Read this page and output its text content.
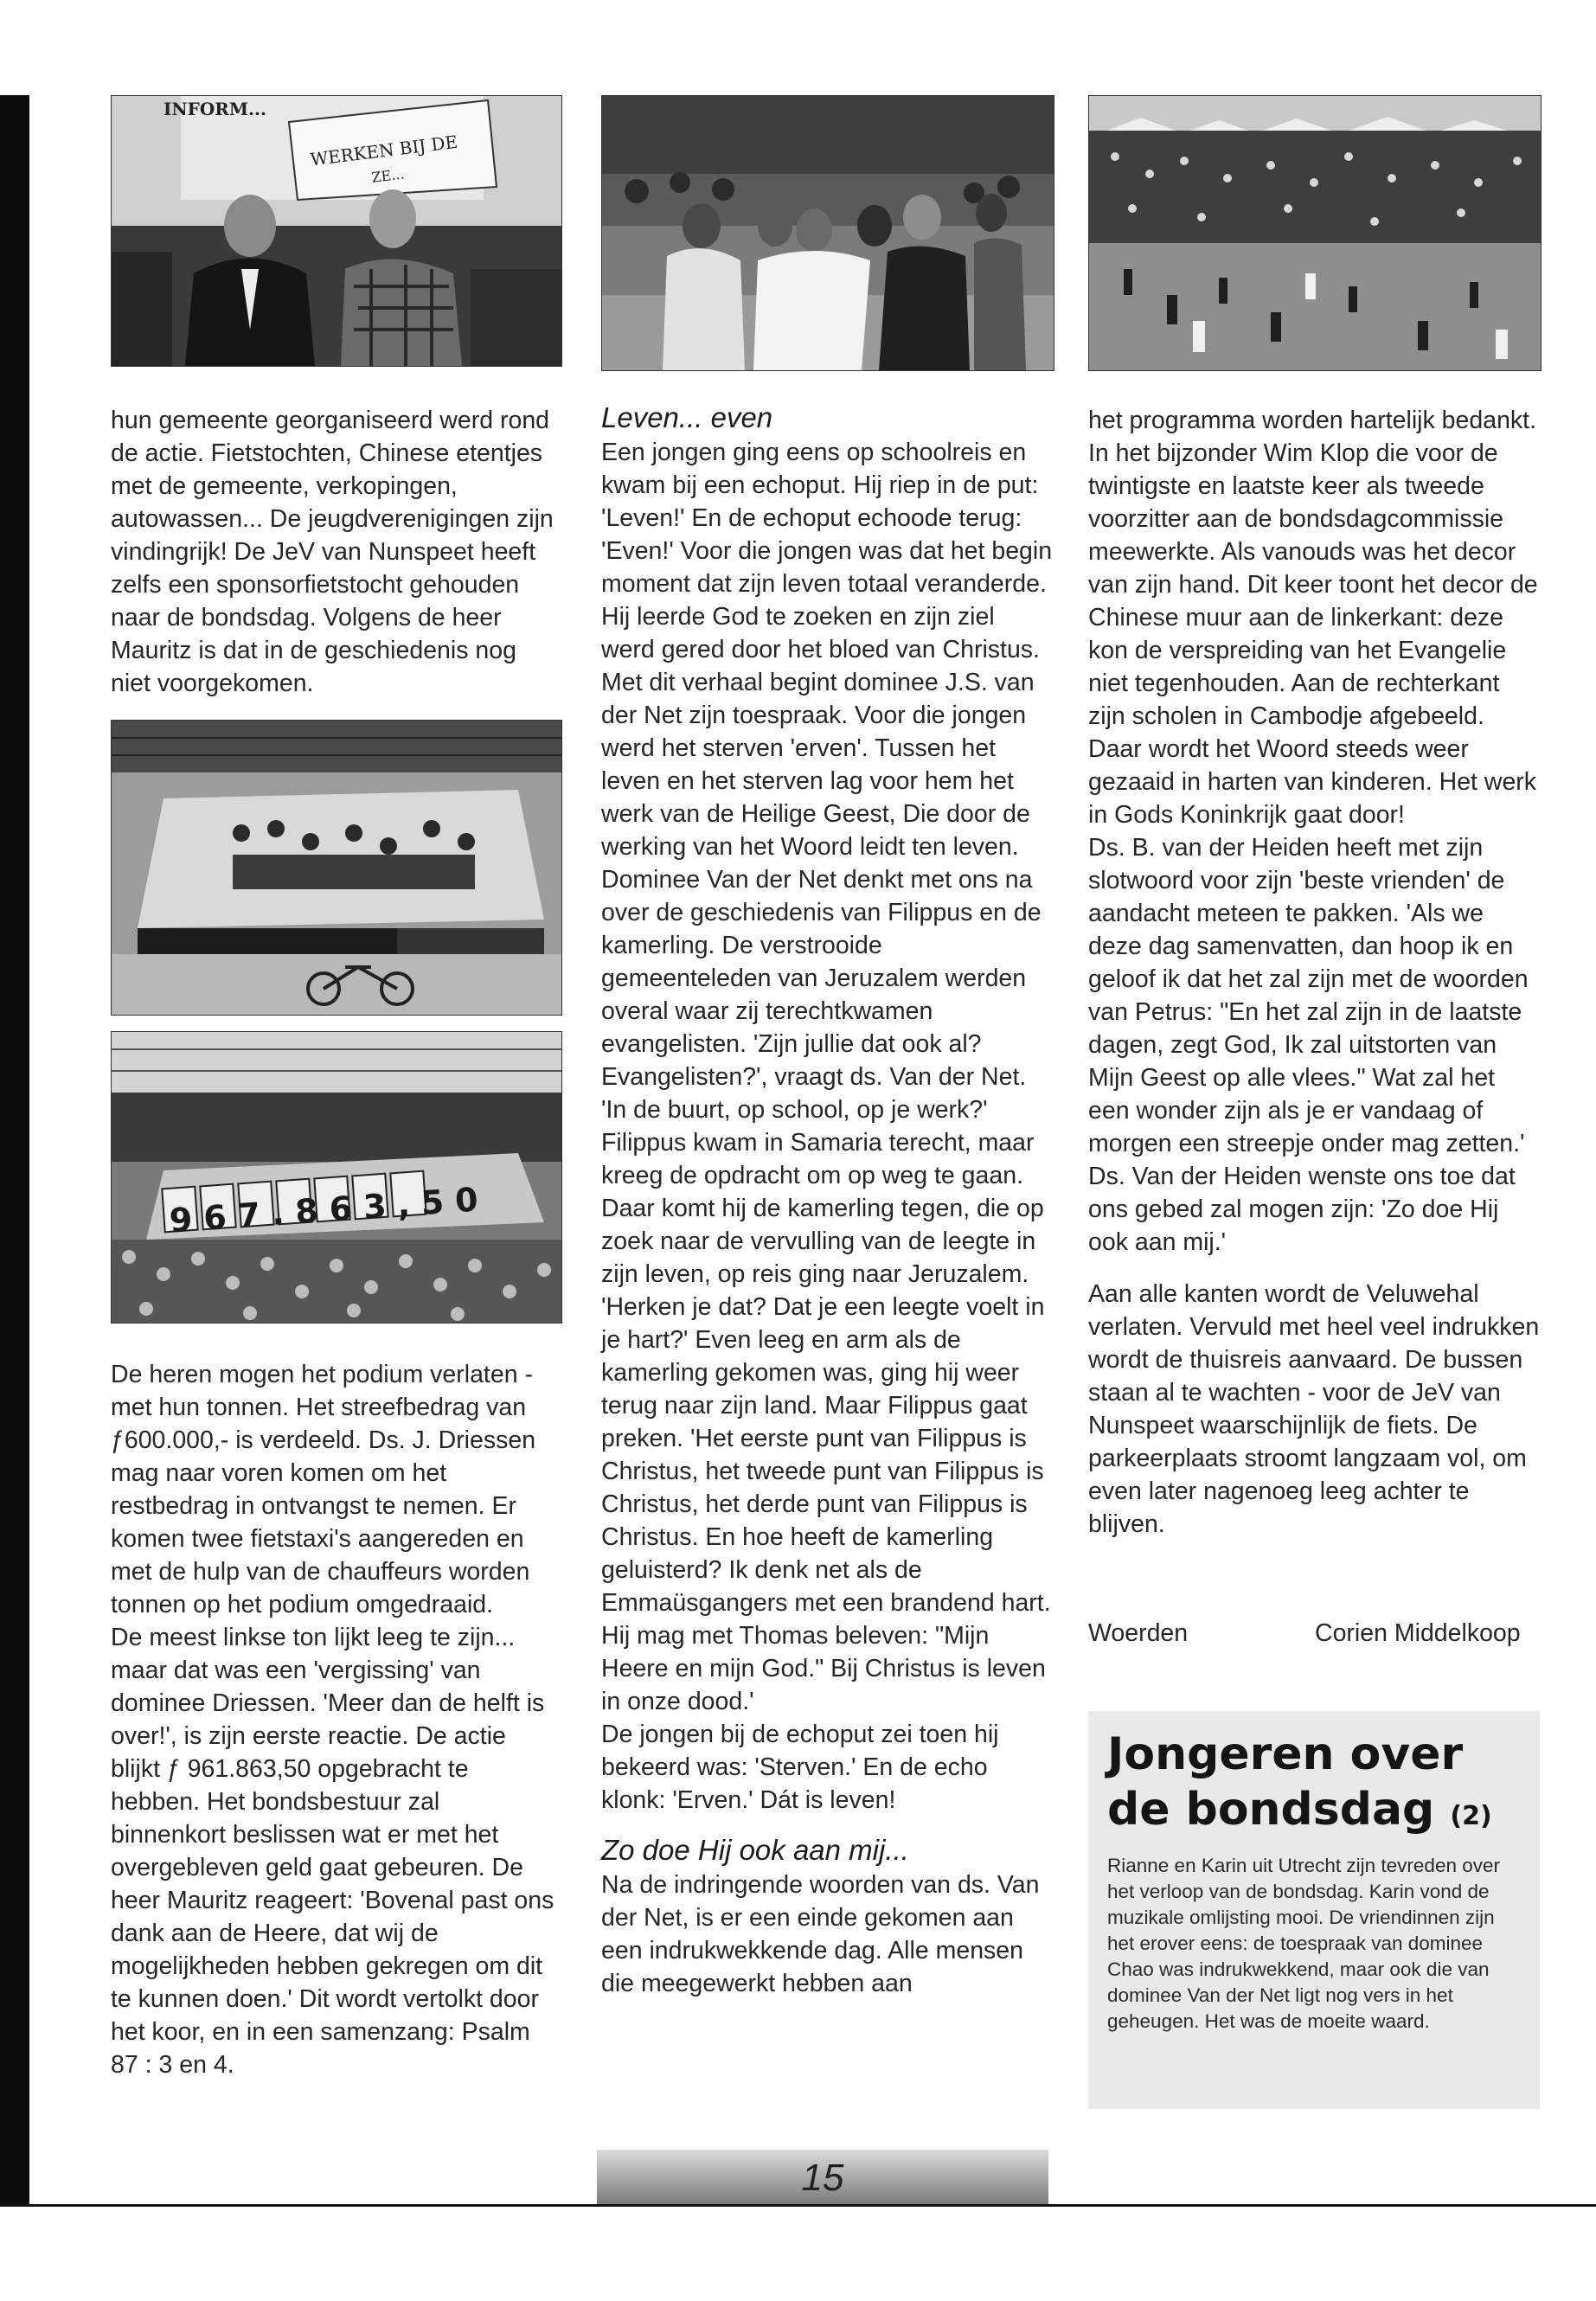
WERKEN BIJ DE
ZE...
INFORM...

hun gemeente georganiseerd werd rond de actie. Fietstochten, Chinese etentjes met de gemeente, verkopingen, autowassen... De jeugdverenigingen zijn vindingrijk! De JeV van Nunspeet heeft zelfs een sponsorfietstocht gehouden naar de bondsdag. Volgens de heer Mauritz is dat in de geschiedenis nog niet voorgekomen.

967.863,50

De heren mogen het podium verlaten - met hun tonnen. Het streefbedrag van ƒ600.000,- is verdeeld. Ds. J. Driessen mag naar voren komen om het restbedrag in ontvangst te nemen. Er komen twee fietstaxi's aangereden en met de hulp van de chauffeurs worden tonnen op het podium omgedraaid.

De meest linkse ton lijkt leeg te zijn... maar dat was een 'vergissing' van dominee Driessen. 'Meer dan de helft is over!', is zijn eerste reactie. De actie blijkt ƒ 961.863,50 opgebracht te hebben. Het bondsbestuur zal binnenkort beslissen wat er met het overgebleven geld gaat gebeuren. De heer Mauritz reageert: 'Bovenal past ons dank aan de Heere, dat wij de mogelijkheden hebben gekregen om dit te kunnen doen.' Dit wordt vertolkt door het koor, en in een samenzang: Psalm 87 : 3 en 4.

Leven... even

Een jongen ging eens op schoolreis en kwam bij een echoput. Hij riep in de put: 'Leven!' En de echoput echoode terug: 'Even!' Voor die jongen was dat het begin moment dat zijn leven totaal veranderde. Hij leerde God te zoeken en zijn ziel werd gered door het bloed van Christus. Met dit verhaal begint dominee J.S. van der Net zijn toespraak. Voor die jongen werd het sterven 'erven'. Tussen het leven en het sterven lag voor hem het werk van de Heilige Geest, Die door de werking van het Woord leidt ten leven.

Dominee Van der Net denkt met ons na over de geschiedenis van Filippus en de kamerling. De verstrooide gemeenteleden van Jeruzalem werden overal waar zij terechtkwamen evangelisten. 'Zijn jullie dat ook al? Evangelisten?', vraagt ds. Van der Net. 'In de buurt, op school, op je werk?' Filippus kwam in Samaria terecht, maar kreeg de opdracht om op weg te gaan. Daar komt hij de kamerling tegen, die op zoek naar de vervulling van de leegte in zijn leven, op reis ging naar Jeruzalem. 'Herken je dat? Dat je een leegte voelt in je hart?' Even leeg en arm als de kamerling gekomen was, ging hij weer terug naar zijn land. Maar Filippus gaat preken. 'Het eerste punt van Filippus is Christus, het tweede punt van Filippus is Christus, het derde punt van Filippus is Christus. En hoe heeft de kamerling geluisterd? Ik denk net als de Emmaüsgangers met een brandend hart. Hij mag met Thomas beleven: "Mijn Heere en mijn God." Bij Christus is leven in onze dood.'

De jongen bij de echoput zei toen hij bekeerd was: 'Sterven.' En de echo klonk: 'Erven.' Dát is leven!

Zo doe Hij ook aan mij...

Na de indringende woorden van ds. Van der Net, is er een einde gekomen aan een indrukwekkende dag. Alle mensen die meegewerkt hebben aan

het programma worden hartelijk bedankt. In het bijzonder Wim Klop die voor de twintigste en laatste keer als tweede voorzitter aan de bondsdagcommissie meewerkte. Als vanouds was het decor van zijn hand. Dit keer toont het decor de Chinese muur aan de linkerkant: deze kon de verspreiding van het Evangelie niet tegenhouden. Aan de rechterkant zijn scholen in Cambodje afgebeeld. Daar wordt het Woord steeds weer gezaaid in harten van kinderen. Het werk in Gods Koninkrijk gaat door!

Ds. B. van der Heiden heeft met zijn slotwoord voor zijn 'beste vrienden' de aandacht meteen te pakken. 'Als we deze dag samenvatten, dan hoop ik en geloof ik dat het zal zijn met de woorden van Petrus: "En het zal zijn in de laatste dagen, zegt God, Ik zal uitstorten van Mijn Geest op alle vlees." Wat zal het een wonder zijn als je er vandaag of morgen een streepje onder mag zetten.' Ds. Van der Heiden wenste ons toe dat ons gebed zal mogen zijn: 'Zo doe Hij ook aan mij.'

Aan alle kanten wordt de Veluwehal verlaten. Vervuld met heel veel indrukken wordt de thuisreis aanvaard. De bussen staan al te wachten - voor de JeV van Nunspeet waarschijnlijk de fiets. De parkeerplaats stroomt langzaam vol, om even later nagenoeg leeg achter te blijven.

Woerden	Corien Middelkoop
Jongeren over
de bondsdag (2)

Rianne en Karin uit Utrecht zijn tevreden over het verloop van de bondsdag. Karin vond de muzikale omlijsting mooi. De vriendinnen zijn het erover eens: de toespraak van dominee Chao was indrukwekkend, maar ook die van dominee Van der Net ligt nog vers in het geheugen. Het was de moeite waard.

15
